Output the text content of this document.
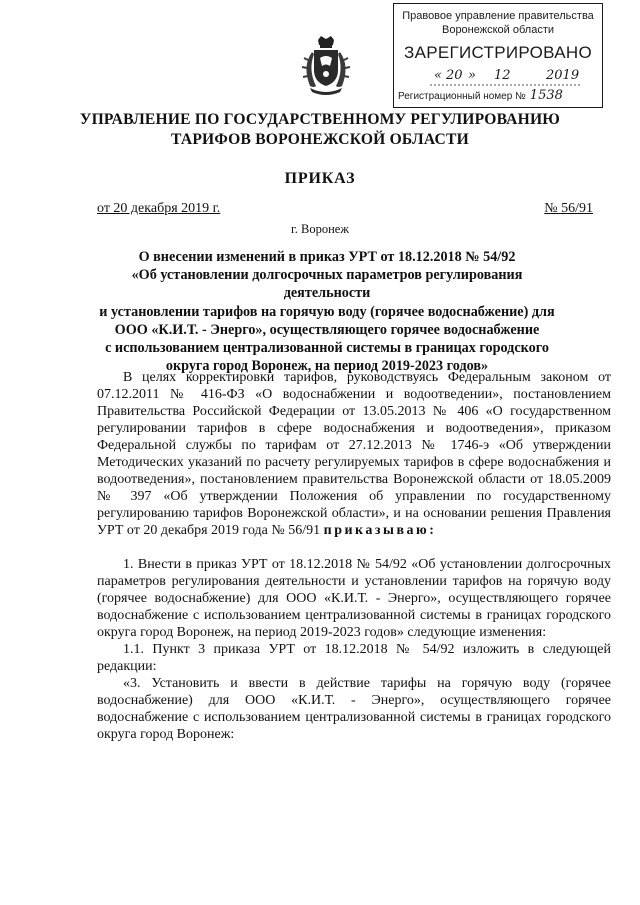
Правовое управление правительства
Воронежской области
ЗАРЕГИСТРИРОВАНО
« 20 » 12	2019
Регистрационный номер № 1538
УПРАВЛЕНИЕ ПО ГОСУДАРСТВЕННОМУ РЕГУЛИРОВАНИЮ
ТАРИФОВ ВОРОНЕЖСКОЙ ОБЛАСТИ
ПРИКАЗ
от 20 декабря 2019 г.	№ 56/91
г. Воронеж
О внесении изменений в приказ УРТ от 18.12.2018 № 54/92
«Об установлении долгосрочных параметров регулирования деятельности
и установлении тарифов на горячую воду (горячее водоснабжение) для
ООО «К.И.Т. - Энерго», осуществляющего горячее водоснабжение
с использованием централизованной системы в границах городского
округа город Воронеж, на период 2019-2023 годов»

В целях корректировки тарифов, руководствуясь Федеральным законом от 07.12.2011 № 416-ФЗ «О водоснабжении и водоотведении», постановлением Правительства Российской Федерации от 13.05.2013 № 406 «О государственном регулировании тарифов в сфере водоснабжения и водоотведения», приказом Федеральной службы по тарифам от 27.12.2013 № 1746-э «Об утверждении Методических указаний по расчету регулируемых тарифов в сфере водоснабжения и водоотведения», постановлением правительства Воронежской области от 18.05.2009 № 397 «Об утверждении Положения об управлении по государственному регулированию тарифов Воронежской области», и на основании решения Правления УРТ от 20 декабря 2019 года № 56/91 приказываю:

1. Внести в приказ УРТ от 18.12.2018 № 54/92 «Об установлении долгосрочных параметров регулирования деятельности и установлении тарифов на горячую воду (горячее водоснабжение) для ООО «К.И.Т. - Энерго», осуществляющего горячее водоснабжение с использованием централизованной системы в границах городского округа город Воронеж, на период 2019-2023 годов» следующие изменения:

1.1. Пункт 3 приказа УРТ от 18.12.2018 № 54/92 изложить в следующей редакции:

«3. Установить и ввести в действие тарифы на горячую воду (горячее водоснабжение) для ООО «К.И.Т. - Энерго», осуществляющего горячее водоснабжение с использованием централизованной системы в границах городского округа город Воронеж:
